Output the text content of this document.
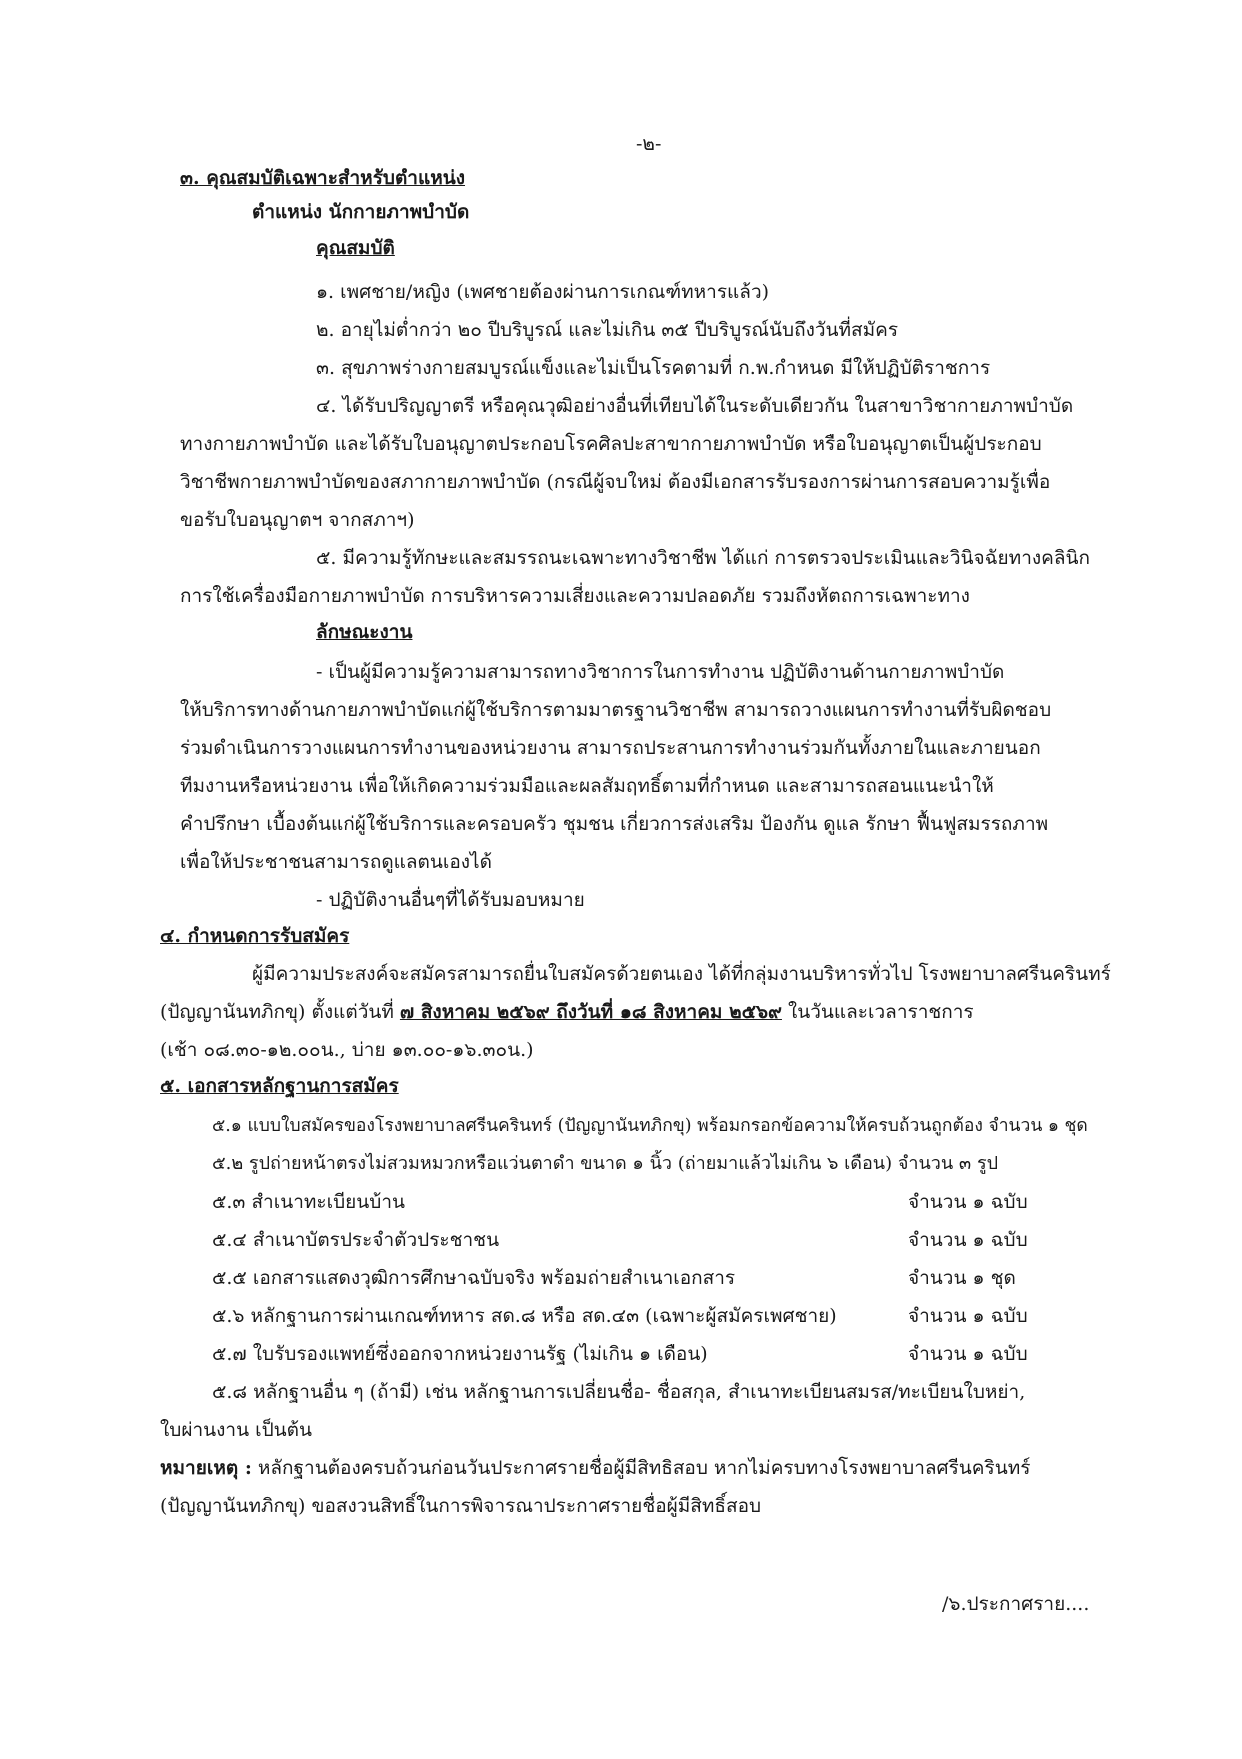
-๒-
๓. คุณสมบัติเฉพาะสำหรับตำแหน่ง
ตำแหน่ง นักกายภาพบำบัด
คุณสมบัติ
๑. เพศชาย/หญิง (เพศชายต้องผ่านการเกณฑ์ทหารแล้ว)
๒. อายุไม่ต่ำกว่า ๒๐ ปีบริบูรณ์ และไม่เกิน ๓๕ ปีบริบูรณ์นับถึงวันที่สมัคร
๓. สุขภาพร่างกายสมบูรณ์แข็งและไม่เป็นโรคตามที่ ก.พ.กำหนด มีให้ปฏิบัติราชการ
๔. ได้รับปริญญาตรี หรือคุณวุฒิอย่างอื่นที่เทียบได้ในระดับเดียวกัน ในสาขาวิชากายภาพบำบัด
ทางกายภาพบำบัด และได้รับใบอนุญาตประกอบโรคศิลปะสาขากายภาพบำบัด หรือใบอนุญาตเป็นผู้ประกอบ
วิชาชีพกายภาพบำบัดของสภากายภาพบำบัด (กรณีผู้จบใหม่ ต้องมีเอกสารรับรองการผ่านการสอบความรู้เพื่อ
ขอรับใบอนุญาตฯ จากสภาฯ)
๕. มีความรู้ทักษะและสมรรถนะเฉพาะทางวิชาชีพ ได้แก่ การตรวจประเมินและวินิจฉัยทางคลินิก
การใช้เครื่องมือกายภาพบำบัด การบริหารความเสี่ยงและความปลอดภัย รวมถึงหัตถการเฉพาะทาง
ลักษณะงาน
- เป็นผู้มีความรู้ความสามารถทางวิชาการในการทำงาน ปฏิบัติงานด้านกายภาพบำบัด
ให้บริการทางด้านกายภาพบำบัดแก่ผู้ใช้บริการตามมาตรฐานวิชาชีพ สามารถวางแผนการทำงานที่รับผิดชอบ
ร่วมดำเนินการวางแผนการทำงานของหน่วยงาน สามารถประสานการทำงานร่วมกันทั้งภายในและภายนอก
ทีมงานหรือหน่วยงาน เพื่อให้เกิดความร่วมมือและผลสัมฤทธิ์ตามที่กำหนด และสามารถสอนแนะนำให้
คำปรึกษา เบื้องต้นแก่ผู้ใช้บริการและครอบครัว ชุมชน เกี่ยวการส่งเสริม ป้องกัน ดูแล รักษา ฟื้นฟูสมรรถภาพ
เพื่อให้ประชาชนสามารถดูแลตนเองได้
- ปฏิบัติงานอื่นๆที่ได้รับมอบหมาย
๔. กำหนดการรับสมัคร
ผู้มีความประสงค์จะสมัครสามารถยื่นใบสมัครด้วยตนเอง ได้ที่กลุ่มงานบริหารทั่วไป โรงพยาบาลศรีนครินทร์
(ปัญญานันทภิกขุ) ตั้งแต่วันที่ ๗ สิงหาคม ๒๕๖๙ ถึงวันที่ ๑๘ สิงหาคม ๒๕๖๙ ในวันและเวลาราชการ
(เช้า ๐๘.๓๐-๑๒.๐๐น., บ่าย ๑๓.๐๐-๑๖.๓๐น.)
๕. เอกสารหลักฐานการสมัคร
๕.๑ แบบใบสมัครของโรงพยาบาลศรีนครินทร์ (ปัญญานันทภิกขุ) พร้อมกรอกข้อความให้ครบถ้วนถูกต้อง จำนวน ๑ ชุด
๕.๒ รูปถ่ายหน้าตรงไม่สวมหมวกหรือแว่นตาดำ ขนาด ๑ นิ้ว (ถ่ายมาแล้วไม่เกิน ๖ เดือน) จำนวน ๓ รูป
๕.๓ สำเนาทะเบียนบ้าน	จำนวน ๑ ฉบับ
๕.๔ สำเนาบัตรประจำตัวประชาชน	จำนวน ๑ ฉบับ
๕.๕ เอกสารแสดงวุฒิการศึกษาฉบับจริง พร้อมถ่ายสำเนาเอกสาร	จำนวน ๑ ชุด
๕.๖ หลักฐานการผ่านเกณฑ์ทหาร สด.๘ หรือ สด.๔๓ (เฉพาะผู้สมัครเพศชาย)	จำนวน ๑ ฉบับ
๕.๗ ใบรับรองแพทย์ซึ่งออกจากหน่วยงานรัฐ (ไม่เกิน ๑ เดือน)	จำนวน ๑ ฉบับ
๕.๘ หลักฐานอื่น ๆ (ถ้ามี) เช่น หลักฐานการเปลี่ยนชื่อ- ชื่อสกุล, สำเนาทะเบียนสมรส/ทะเบียนใบหย่า,
ใบผ่านงาน เป็นต้น
หมายเหตุ : หลักฐานต้องครบถ้วนก่อนวันประกาศรายชื่อผู้มีสิทธิสอบ หากไม่ครบทางโรงพยาบาลศรีนครินทร์
(ปัญญานันทภิกขุ) ขอสงวนสิทธิ์ในการพิจารณาประกาศรายชื่อผู้มีสิทธิ์สอบ
/๖.ประกาศราย....
